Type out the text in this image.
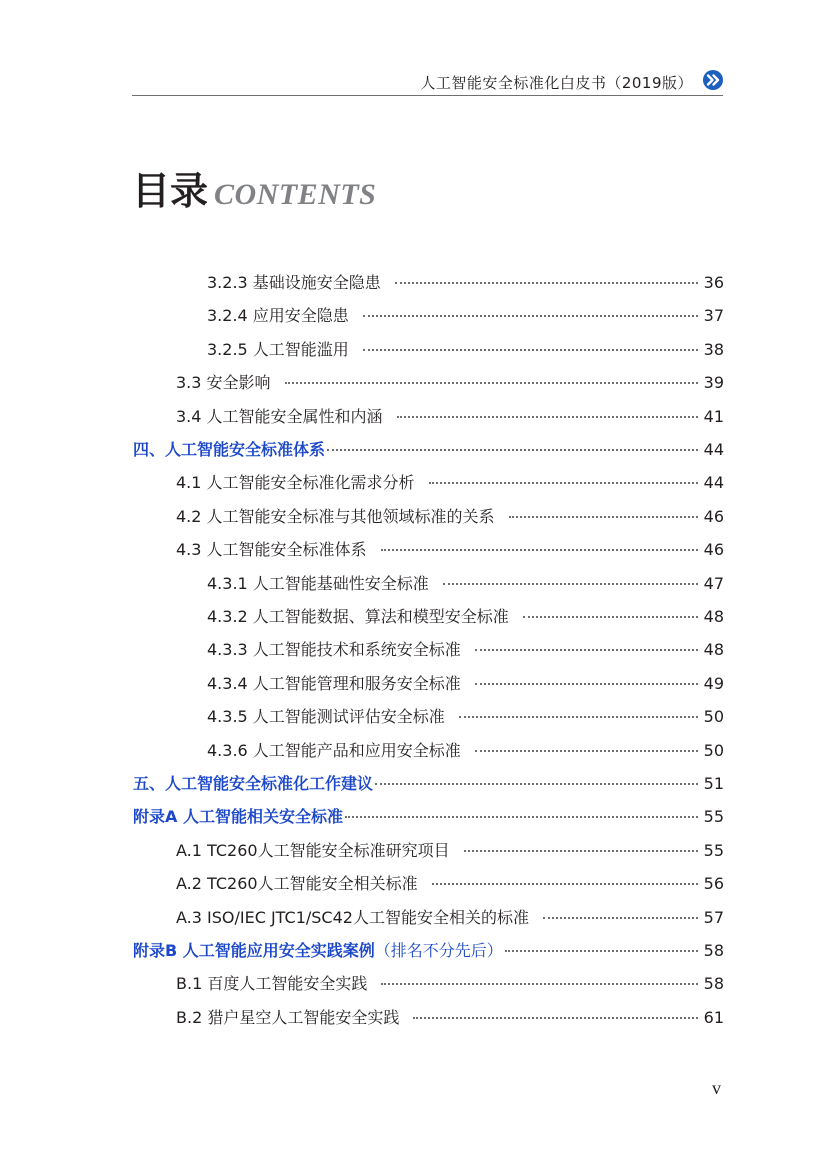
人工智能安全标准化白皮书（2019版）
目录 CONTENTS
3.2.3 基础设施安全隐患	36
3.2.4 应用安全隐患	37
3.2.5 人工智能滥用	38
3.3 安全影响	39
3.4 人工智能安全属性和内涵	41
四、人工智能安全标准体系	44
4.1 人工智能安全标准化需求分析	44
4.2 人工智能安全标准与其他领域标准的关系	46
4.3 人工智能安全标准体系	46
4.3.1 人工智能基础性安全标准	47
4.3.2 人工智能数据、算法和模型安全标准	48
4.3.3 人工智能技术和系统安全标准	48
4.3.4 人工智能管理和服务安全标准	49
4.3.5 人工智能测试评估安全标准	50
4.3.6 人工智能产品和应用安全标准	50
五、人工智能安全标准化工作建议	51
附录A 人工智能相关安全标准	55
A.1 TC260人工智能安全标准研究项目	55
A.2 TC260人工智能安全相关标准	56
A.3 ISO/IEC JTC1/SC42人工智能安全相关的标准	57
附录B 人工智能应用安全实践案例 （排名不分先后）	58
B.1 百度人工智能安全实践	58
B.2 猎户星空人工智能安全实践	61
v
